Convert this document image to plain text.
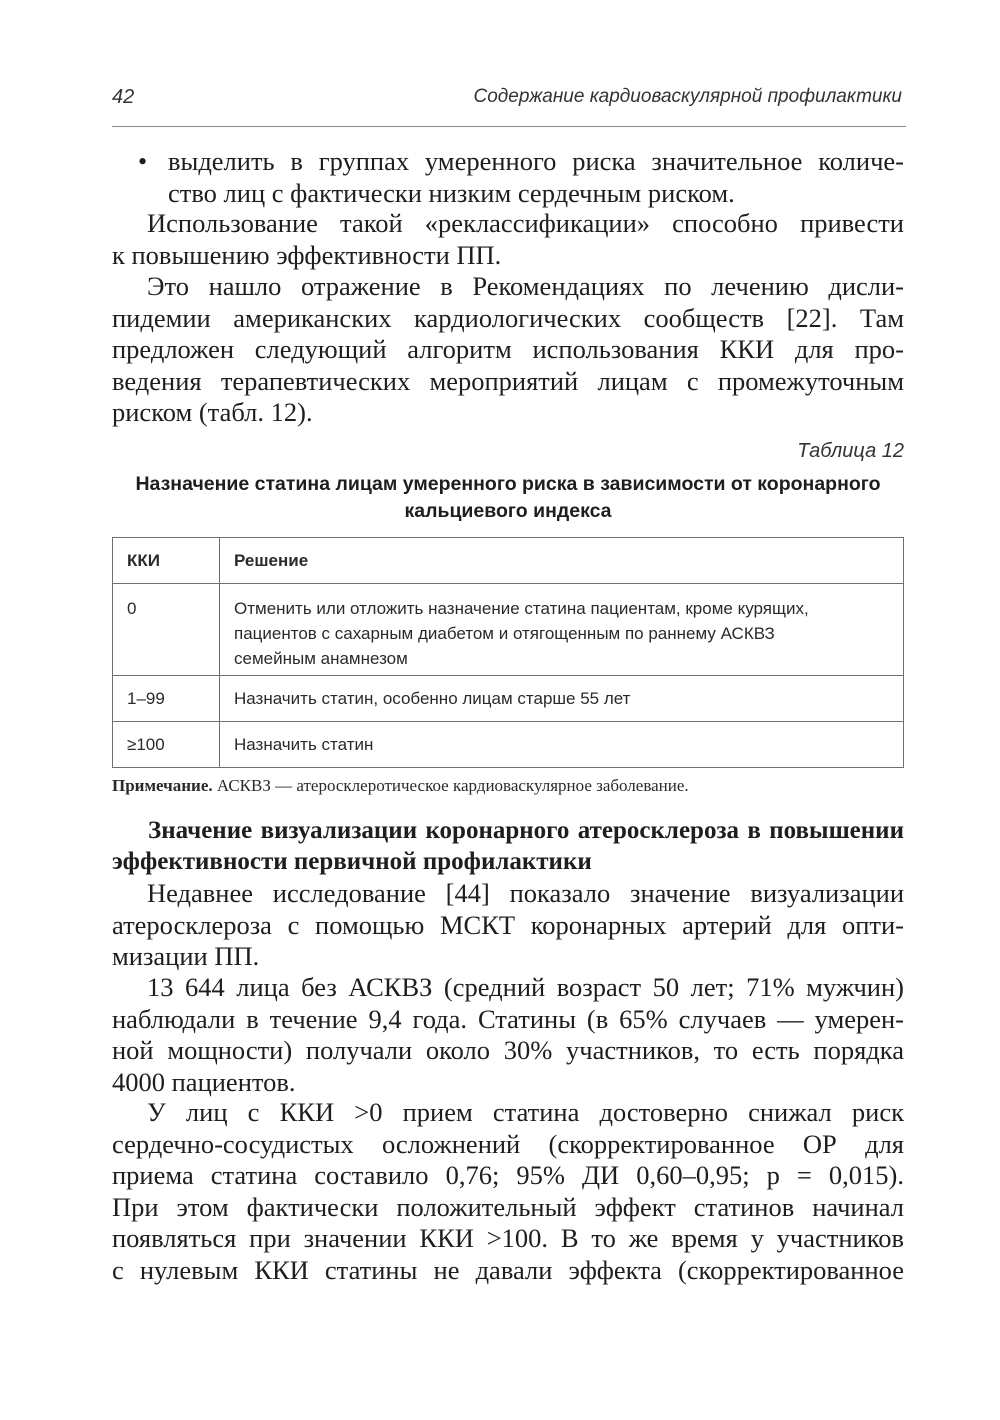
42	Содержание кардиоваскулярной профилактики
• выделить в группах умеренного риска значительное количе-
ство лиц с фактически низким сердечным риском.

Использование такой «реклассификации» способно привести
к повышению эффективности ПП.

Это нашло отражение в Рекомендациях по лечению дисли-
пидемии американских кардиологических сообществ [22]. Там
предложен следующий алгоритм использования ККИ для про-
ведения терапевтических мероприятий лицам с промежуточным
риском (табл. 12).

Таблица 12
Назначение статина лицам умеренного риска в зависимости от коронарного
кальциевого индекса
ККИ	Решение
0	Отменить или отложить назначение статина пациентам, кроме курящих,
пациентов с сахарным диабетом и отягощенным по раннему АСКВЗ
семейным анамнезом

1–99	Назначить статин, особенно лицам старше 55 лет
≥100	Назначить статин
Примечание. АСКВЗ — атеросклеротическое кардиоваскулярное заболевание.
Значение визуализации коронарного атеросклероза в повышении
эффективности первичной профилактики

Недавнее исследование [44] показало значение визуализации
атеросклероза с помощью МСКТ коронарных артерий для опти-
мизации ПП.

13 644 лица без АСКВЗ (средний возраст 50 лет; 71% мужчин)
наблюдали в течение 9,4 года. Статины (в 65% случаев — умерен-
ной мощности) получали около 30% участников, то есть порядка
4000 пациентов.

У лиц с ККИ >0 прием статина достоверно снижал риск
сердечно-сосудистых осложнений (скорректированное ОР для
приема статина составило 0,76; 95% ДИ 0,60–0,95; p = 0,015).
При этом фактически положительный эффект статинов начинал
появляться при значении ККИ >100. В то же время у участников
с нулевым ККИ статины не давали эффекта (скорректированное
